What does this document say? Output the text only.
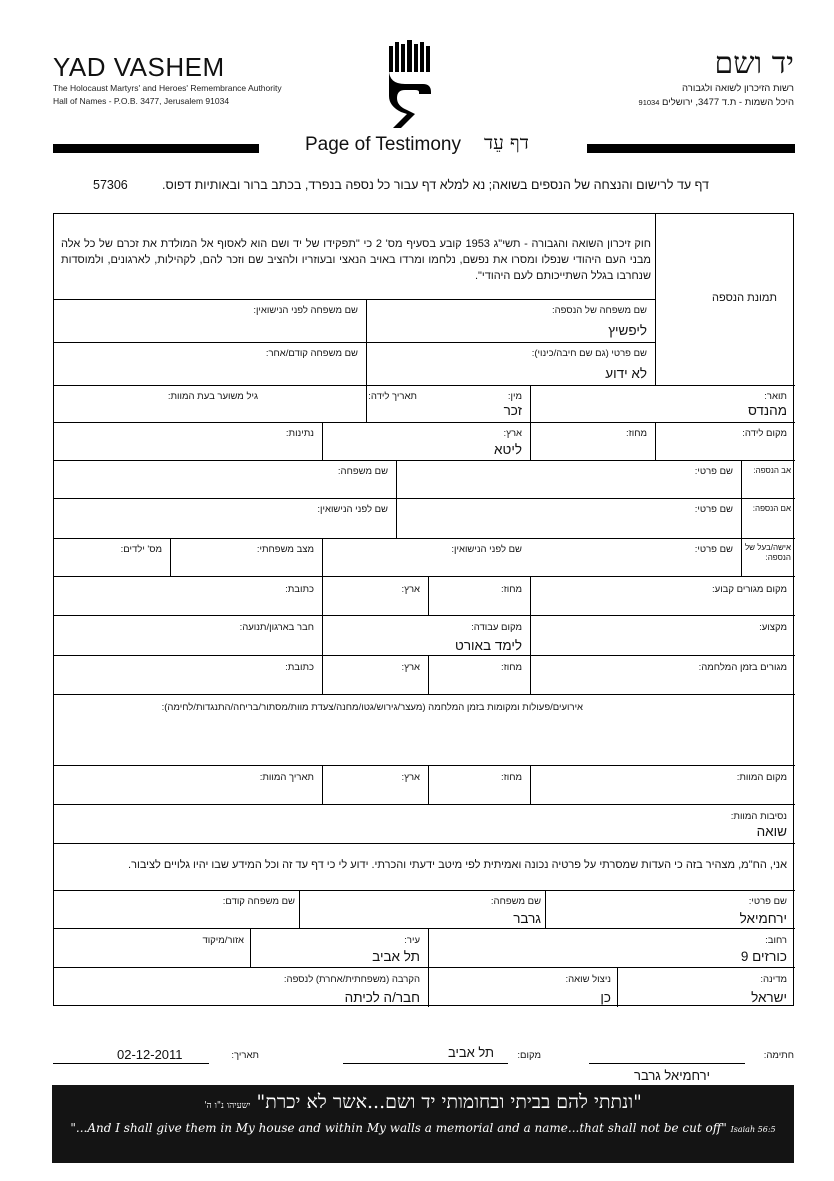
YAD VASHEM
The Holocaust Martyrs' and Heroes' Remembrance Authority
Hall of Names - P.O.B. 3477, Jerusalem 91034
יד ושם
רשות הזיכרון לשואה ולגבורה
היכל השמות - ת.ד 3477, ירושלים 91034
Page of Testimony דף עֵד
דף עד לרישום והנצחה של הנספים בשואה; נא למלא דף עבור כל נספה בנפרד, בכתב ברור ובאותיות דפוס.
57306
חוק זיכרון השואה והגבורה - תשי"ג 1953 קובע בסעיף מס' 2 כי "תפקידו של יד ושם הוא לאסוף אל המולדת את זכרם של כל אלה מבני העם היהודי שנפלו ומסרו את נפשם, נלחמו ומרדו באויב הנאצי ובעוזריו ולהציב שם וזכר להם, לקהילות, לארגונים, ולמוסדות שנחרבו בגלל השתייכותם לעם היהודי".
תמונת הנספה
שם משפחה של הנספה:
ליפשיץ
שם משפחה לפני הנישואין:
שם פרטי (גם שם חיבה/כינוי):
לא ידוע
שם משפחה קודם/אחר:
תואר:
מהנדס
מין:
זכר
תאריך לידה:
גיל משוער בעת המוות:
מקום לידה:
מחוז:
ארץ:
ליטא
נתינות:
אב הנספה:
שם פרטי:
שם משפחה:
אם הנספה:
שם פרטי:
שם לפני הנישואין:
אישה/בעל של הנספה:
שם פרטי:
שם לפני הנישואין:
מצב משפחתי:
מס' ילדים:
מקום מגורים קבוע:
מחוז:
ארץ:
כתובת:
מקצוע:
מקום עבודה:
לימד באורט
חבר בארגון/תנועה:
מגורים בזמן המלחמה:
מחוז:
ארץ:
כתובת:
אירועים/פעולות ומקומות בזמן המלחמה (מעצר/גירוש/גטו/מחנה/צעדת מוות/מסתור/בריחה/התנגדות/לחימה):
מקום המוות:
מחוז:
ארץ:
תאריך המוות:
נסיבות המוות:
שואה
אני, הח"מ, מצהיר בזה כי העדות שמסרתי על פרטיה נכונה ואמיתית לפי מיטב ידעתי והכרתי. ידוע לי כי דף עד זה וכל המידע שבו יהיו גלויים לציבור.
שם פרטי:
ירחמיאל
שם משפחה:
גרבר
שם משפחה קודם:
רחוב:
כורזים 9
עיר:
תל אביב
אזור/מיקוד
מדינה:
ישראל
ניצול שואה:
כן
הקרבה (משפחתית/אחרת) לנספה:
חבר/ה לכיתה
חתימה:
ירחמיאל גרבר
מקום:
תל אביב
תאריך:
02-12-2011
"ונתתי להם בביתי ובחומותי יד ושם...אשר לא יכרת" ישעיהו נ"ו ה'
"...And I shall give them in My house and within My walls a memorial and a name...that shall not be cut off" Isaiah 56:5
